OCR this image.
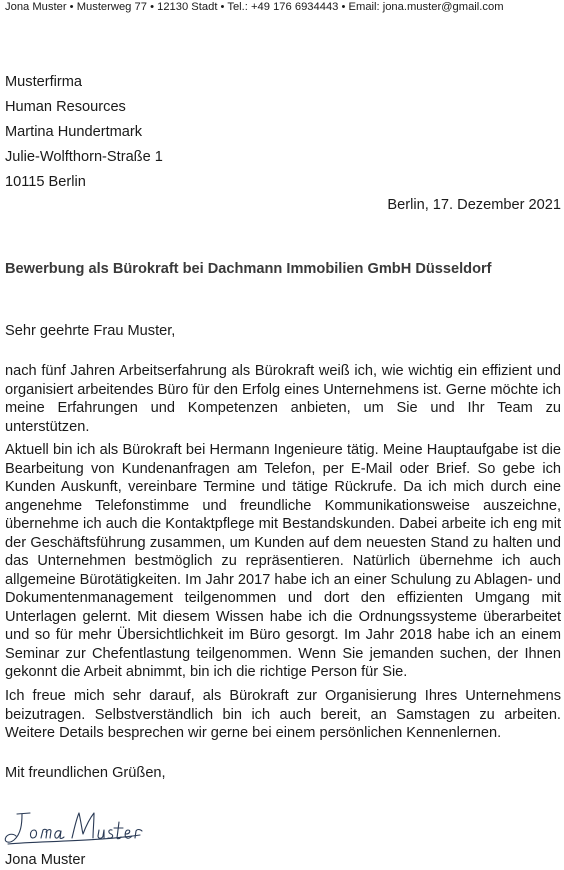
Jona Muster • Musterweg 77 • 12130 Stadt • Tel.: +49 176 6934443 • Email: jona.muster@gmail.com
Musterfirma
Human Resources
Martina Hundertmark
Julie-Wolfthorn-Straße 1
10115 Berlin
Berlin, 17. Dezember 2021
Bewerbung als Bürokraft bei Dachmann Immobilien GmbH Düsseldorf
Sehr geehrte Frau Muster,

nach fünf Jahren Arbeitserfahrung als Bürokraft weiß ich, wie wichtig ein effizient und organisiert arbeitendes Büro für den Erfolg eines Unternehmens ist. Gerne möchte ich meine Erfahrungen und Kompetenzen anbieten, um Sie und Ihr Team zu unterstützen.

Aktuell bin ich als Bürokraft bei Hermann Ingenieure tätig. Meine Hauptaufgabe ist die Bearbeitung von Kundenanfragen am Telefon, per E-Mail oder Brief. So gebe ich Kunden Auskunft, vereinbare Termine und tätige Rückrufe. Da ich mich durch eine angenehme Telefonstimme und freundliche Kommunikationsweise auszeichne, übernehme ich auch die Kontaktpflege mit Bestandskunden. Dabei arbeite ich eng mit der Geschäftsführung zusammen, um Kunden auf dem neuesten Stand zu halten und das Unternehmen bestmöglich zu repräsentieren. Natürlich übernehme ich auch allgemeine Bürotätigkeiten. Im Jahr 2017 habe ich an einer Schulung zu Ablagen- und Dokumentenmanagement teilgenommen und dort den effizienten Umgang mit Unterlagen gelernt. Mit diesem Wissen habe ich die Ordnungssysteme überarbeitet und so für mehr Übersichtlichkeit im Büro gesorgt. Im Jahr 2018 habe ich an einem Seminar zur Chefentlastung teilgenommen. Wenn Sie jemanden suchen, der Ihnen gekonnt die Arbeit abnimmt, bin ich die richtige Person für Sie.

Ich freue mich sehr darauf, als Bürokraft zur Organisierung Ihres Unternehmens beizutragen. Selbstverständlich bin ich auch bereit, an Samstagen zu arbeiten. Weitere Details besprechen wir gerne bei einem persönlichen Kennenlernen.

Mit freundlichen Grüßen,
Jona Muster
